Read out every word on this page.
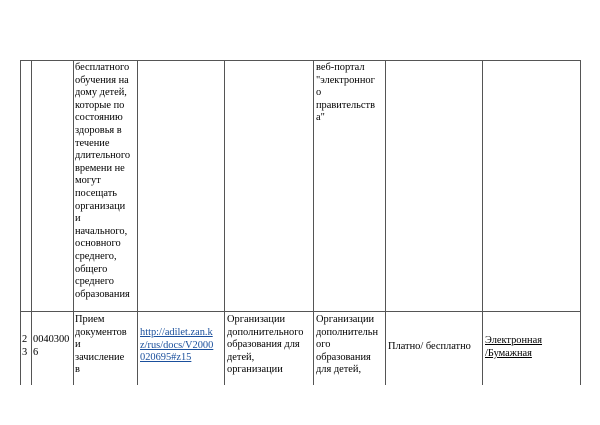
бесплатного
обучения на
дому детей,
которые по
состоянию
здоровья в
течение
длительного
времени не
могут
посещать
организаци
и
начального,
основного
среднего,
общего
среднего
образования
веб-портал
"электронног
о
правительств
а"
2
3
0040300
6
Прием
документов
и
зачисление
в
http://adilet.zan.k
z/rus/docs/V2000
020695#z15
Организации
дополнительного
образования для
детей,
организации
Организации
дополнительн
ого
образования
для детей,
Платно/ бесплатно
Электронная
/Бумажная
